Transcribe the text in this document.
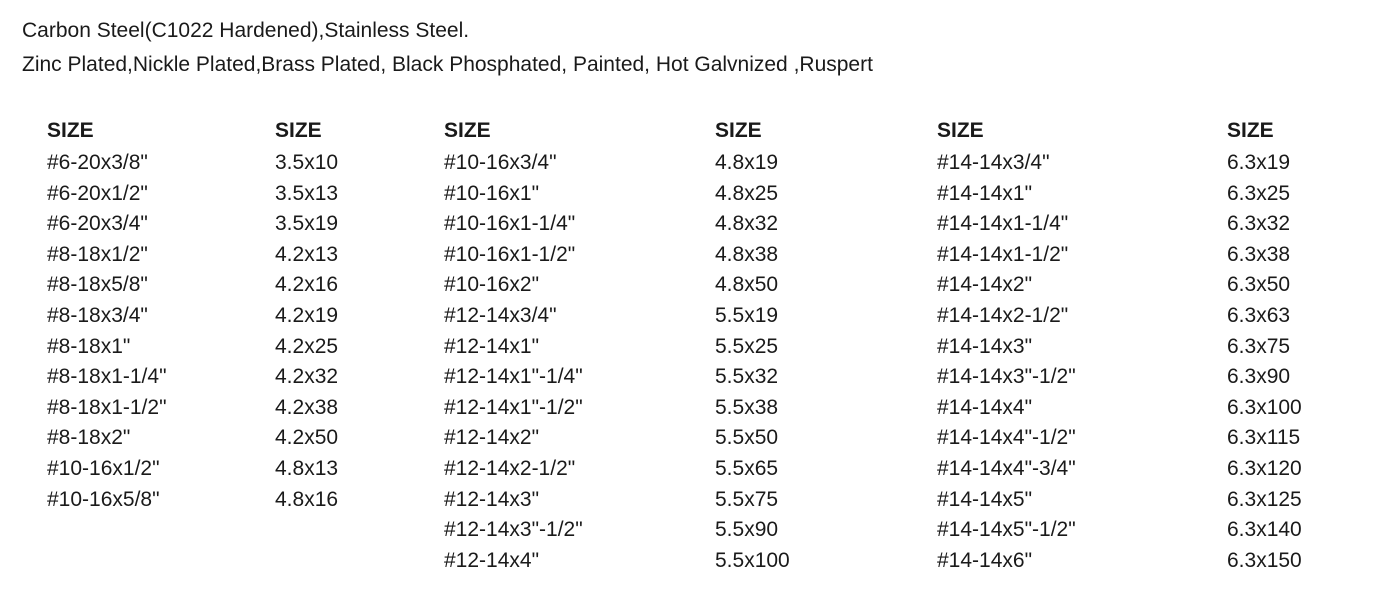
Carbon Steel(C1022 Hardened),Stainless Steel.
Zinc Plated,Nickle Plated,Brass Plated, Black Phosphated, Painted, Hot Galvnized ,Ruspert
SIZE
#6-20x3/8"
#6-20x1/2"
#6-20x3/4"
#8-18x1/2"
#8-18x5/8"
#8-18x3/4"
#8-18x1"
#8-18x1-1/4"
#8-18x1-1/2"
#8-18x2"
#10-16x1/2"
#10-16x5/8"
SIZE
3.5x10
3.5x13
3.5x19
4.2x13
4.2x16
4.2x19
4.2x25
4.2x32
4.2x38
4.2x50
4.8x13
4.8x16
SIZE
#10-16x3/4"
#10-16x1"
#10-16x1-1/4"
#10-16x1-1/2"
#10-16x2"
#12-14x3/4"
#12-14x1"
#12-14x1"-1/4"
#12-14x1"-1/2"
#12-14x2"
#12-14x2-1/2"
#12-14x3"
#12-14x3"-1/2"
#12-14x4"
SIZE
4.8x19
4.8x25
4.8x32
4.8x38
4.8x50
5.5x19
5.5x25
5.5x32
5.5x38
5.5x50
5.5x65
5.5x75
5.5x90
5.5x100
SIZE
#14-14x3/4"
#14-14x1"
#14-14x1-1/4"
#14-14x1-1/2"
#14-14x2"
#14-14x2-1/2"
#14-14x3"
#14-14x3"-1/2"
#14-14x4"
#14-14x4"-1/2"
#14-14x4"-3/4"
#14-14x5"
#14-14x5"-1/2"
#14-14x6"
SIZE
6.3x19
6.3x25
6.3x32
6.3x38
6.3x50
6.3x63
6.3x75
6.3x90
6.3x100
6.3x115
6.3x120
6.3x125
6.3x140
6.3x150
